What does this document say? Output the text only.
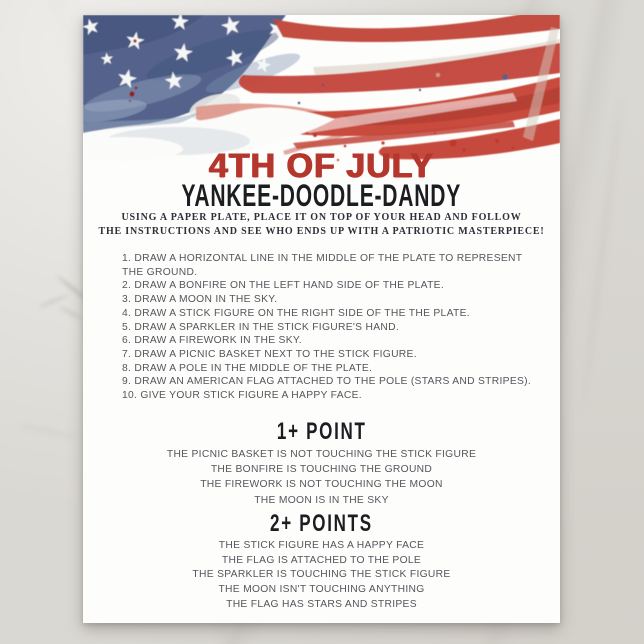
4TH OF JULY
YANKEE-DOODLE-DANDY

USING A PAPER PLATE, PLACE IT ON TOP OF YOUR HEAD AND FOLLOW
THE INSTRUCTIONS AND SEE WHO ENDS UP WITH A PATRIOTIC MASTERPIECE!

1. DRAW A HORIZONTAL LINE IN THE MIDDLE OF THE PLATE TO REPRESENT THE GROUND.
2. DRAW A BONFIRE ON THE LEFT HAND SIDE OF THE PLATE.
3. DRAW A MOON IN THE SKY.
4. DRAW A STICK FIGURE ON THE RIGHT SIDE OF THE THE PLATE.
5. DRAW A SPARKLER IN THE STICK FIGURE'S HAND.
6. DRAW A FIREWORK IN THE SKY.
7. DRAW A PICNIC BASKET NEXT TO THE STICK FIGURE.
8. DRAW A POLE IN THE MIDDLE OF THE PLATE.
9. DRAW AN AMERICAN FLAG ATTACHED TO THE POLE (STARS AND STRIPES).
10. GIVE YOUR STICK FIGURE A HAPPY FACE.
1+ POINT
THE PICNIC BASKET IS NOT TOUCHING THE STICK FIGURE
THE BONFIRE IS TOUCHING THE GROUND
THE FIREWORK IS NOT TOUCHING THE MOON
THE MOON IS IN THE SKY
2+ POINTS
THE STICK FIGURE HAS A HAPPY FACE
THE FLAG IS ATTACHED TO THE POLE
THE SPARKLER IS TOUCHING THE STICK FIGURE
THE MOON ISN'T TOUCHING ANYTHING
THE FLAG HAS STARS AND STRIPES
